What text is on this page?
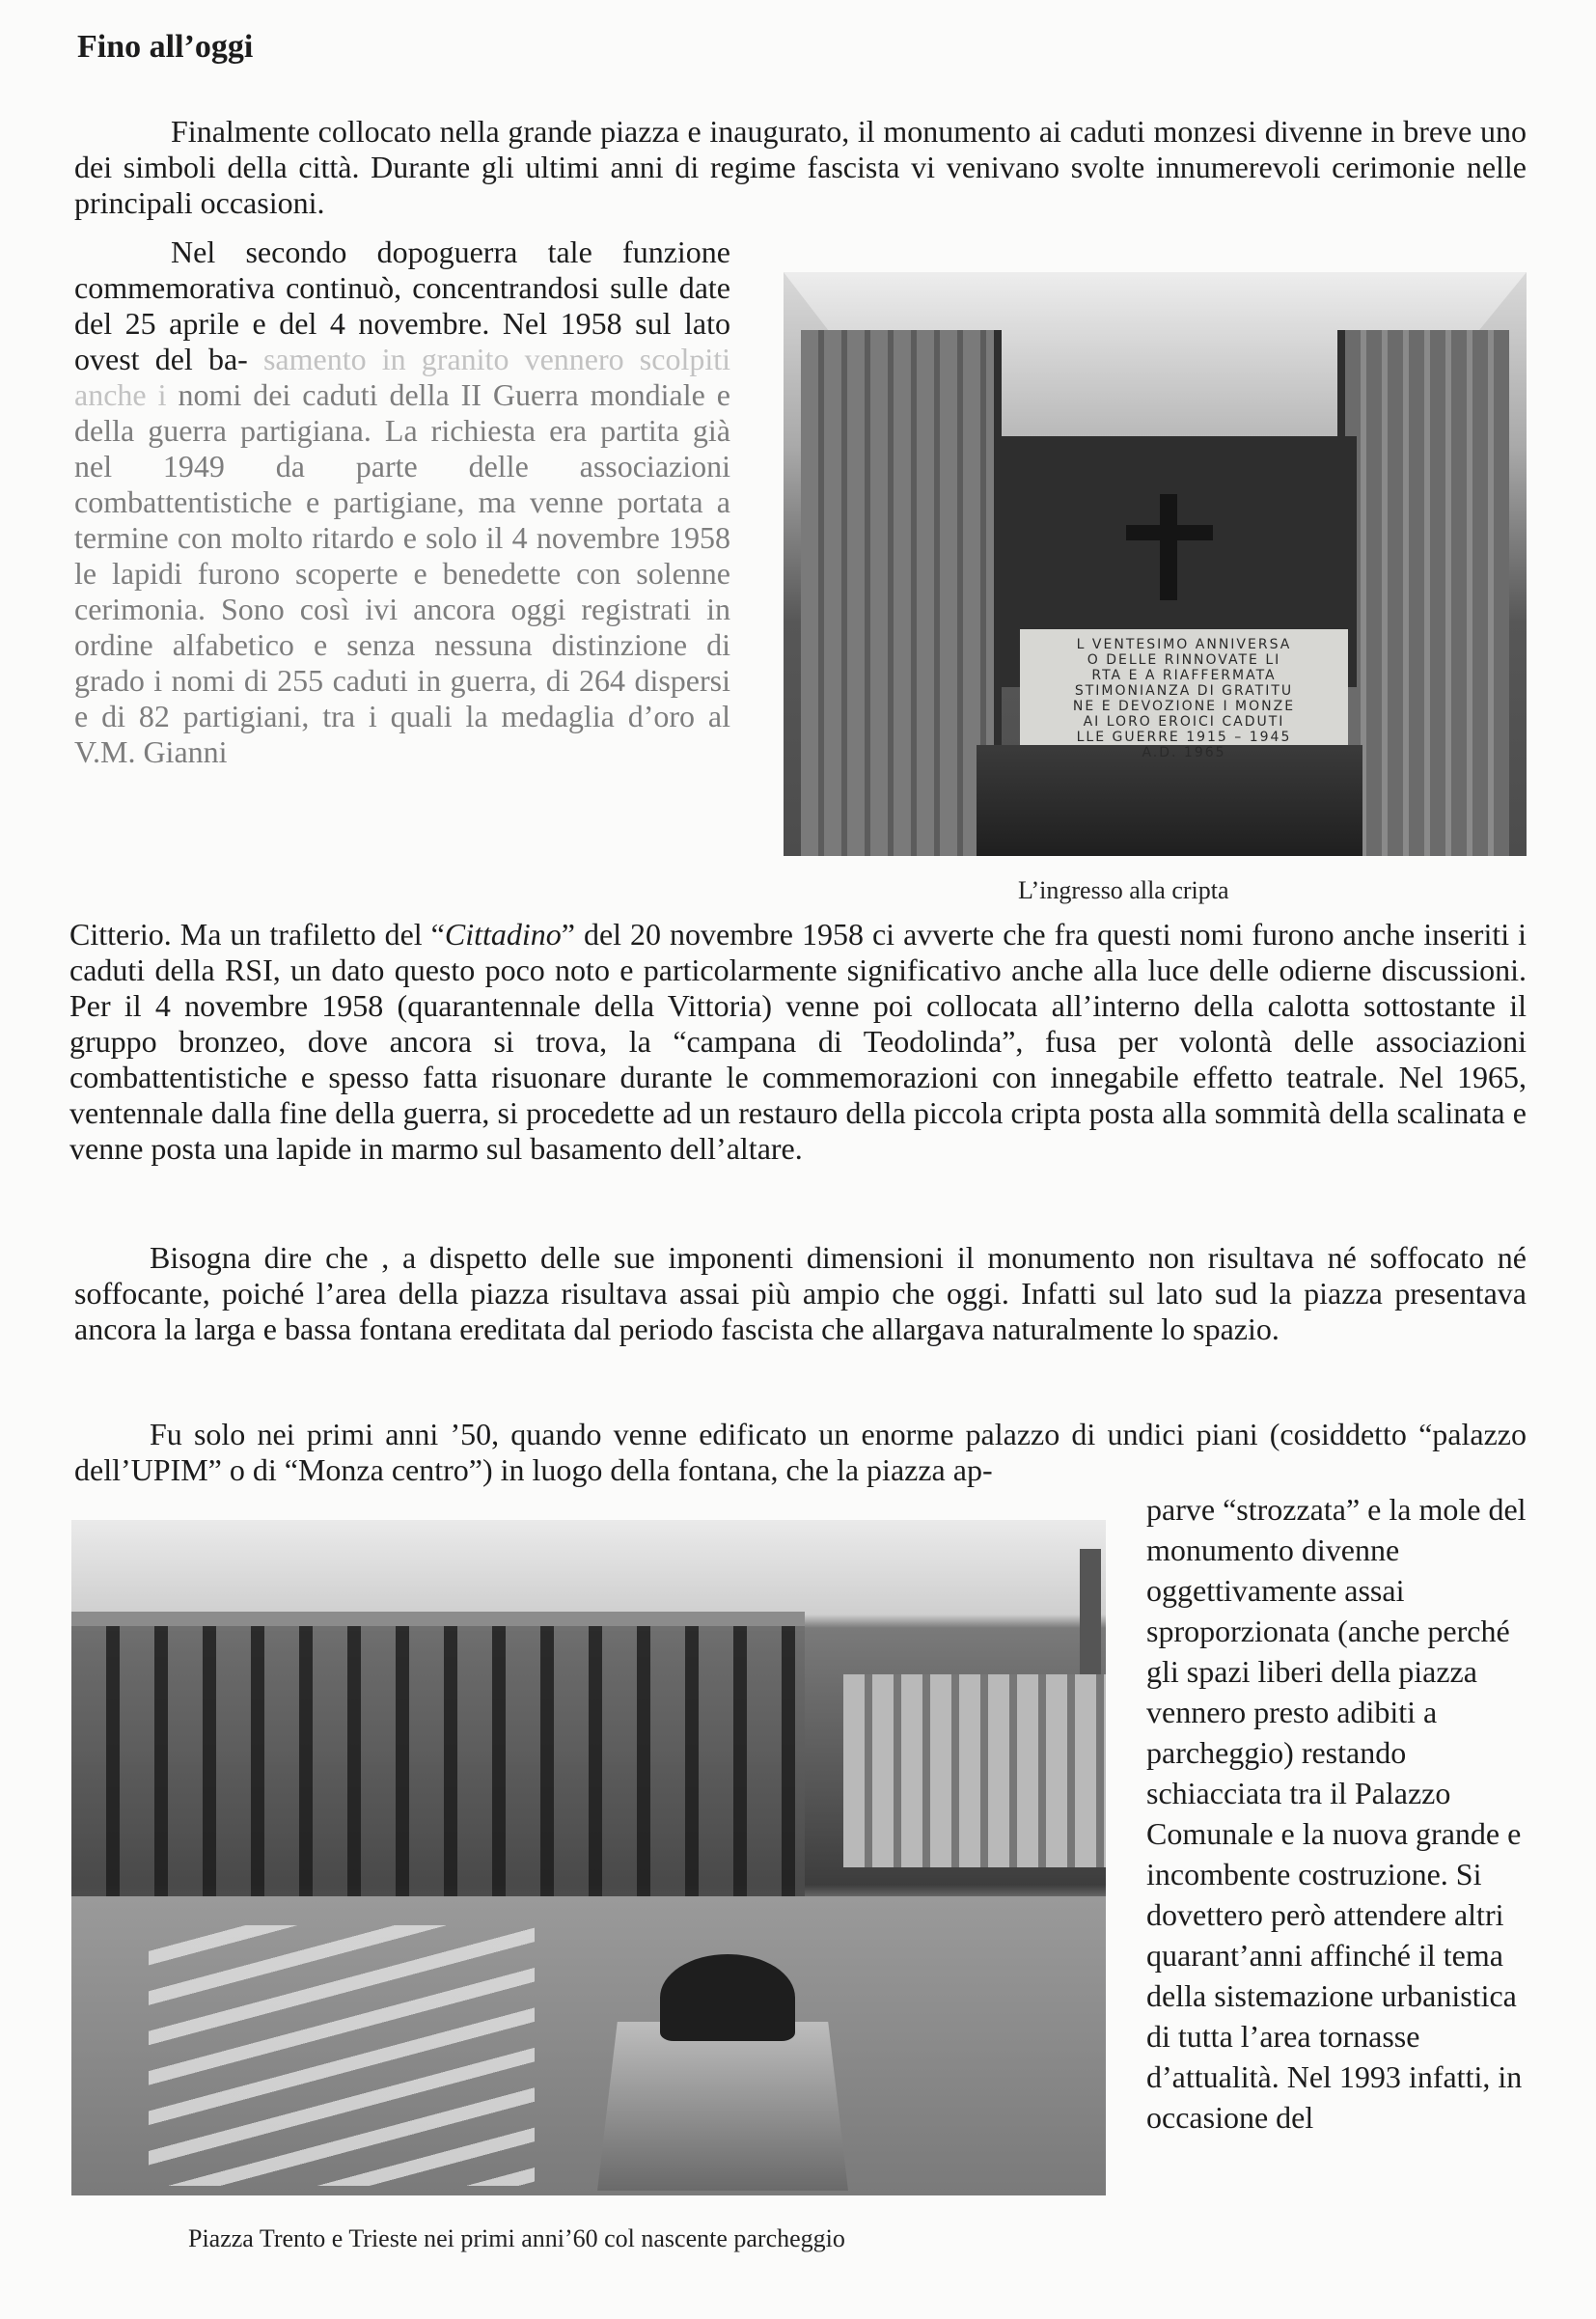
Fino all’oggi

Finalmente collocato nella grande piazza e inaugurato, il monumento ai caduti monzesi divenne in breve uno dei simboli della città. Durante gli ultimi anni di regime fascista vi venivano svolte innumerevoli cerimonie nelle principali occasioni.

Nel secondo dopoguerra tale funzione commemorativa continuò, concentrandosi sulle date del 25 aprile e del 4 novembre. Nel 1958 sul lato ovest del ba- samento in granito vennero scolpiti anche i nomi dei caduti della II Guerra mondiale e della guerra partigiana. La richiesta era partita già nel 1949 da parte delle associazioni combattentistiche e partigiane, ma venne portata a termine con molto ritardo e solo il 4 novembre 1958 le lapidi furono scoperte e benedette con solenne cerimonia. Sono così ivi ancora oggi registrati in ordine alfabetico e senza nessuna distinzione di grado i nomi di 255 caduti in guerra, di 264 dispersi e di 82 partigiani, tra i quali la medaglia d’oro al V.M. Gianni

L VENTESIMO ANNIVERSA
O DELLE RINNOVATE LI
RTA E A RIAFFERMATA
STIMONIANZA DI GRATITU
NE E DEVOZIONE I MONZE
AI LORO EROICI CADUTI
LLE GUERRE 1915 – 1945
A.D. 1965

L’ingresso alla cripta

Citterio. Ma un trafiletto del “Cittadino” del 20 novembre 1958 ci avverte che fra questi nomi furono anche inseriti i caduti della RSI, un dato questo poco noto e particolarmente significativo anche alla luce delle odierne discussioni. Per il 4 novembre 1958 (quarantennale della Vittoria) venne poi collocata all’interno della calotta sottostante il gruppo bronzeo, dove ancora si trova, la “campana di Teodolinda”, fusa per volontà delle associazioni combattentistiche e spesso fatta risuonare durante le commemorazioni con innegabile effetto teatrale. Nel 1965, ventennale dalla fine della guerra, si procedette ad un restauro della piccola cripta posta alla sommità della scalinata e venne posta una lapide in marmo sul basamento dell’altare.

Bisogna dire che , a dispetto delle sue imponenti dimensioni il monumento non risultava né soffocato né soffocante, poiché l’area della piazza risultava assai più ampio che oggi. Infatti sul lato sud la piazza presentava ancora la larga e bassa fontana ereditata dal periodo fascista che allargava naturalmente lo spazio.

Fu solo nei primi anni ’50, quando venne edificato un enorme palazzo di undici piani (cosiddetto “palazzo dell’UPIM” o di “Monza centro”) in luogo della fontana, che la piazza ap-

Piazza Trento e Trieste nei primi anni’60 col nascente parcheggio

parve “strozzata” e la mole del monumento divenne oggettivamente assai sproporzionata (anche perché gli spazi liberi della piazza vennero presto adibiti a parcheggio) restando schiacciata tra il Palazzo Comunale e la nuova grande e incombente costruzione. Si dovettero però attendere altri quarant’anni affinché il tema della sistemazione urbanistica di tutta l’area tornasse d’attualità. Nel 1993 infatti, in occasione del
